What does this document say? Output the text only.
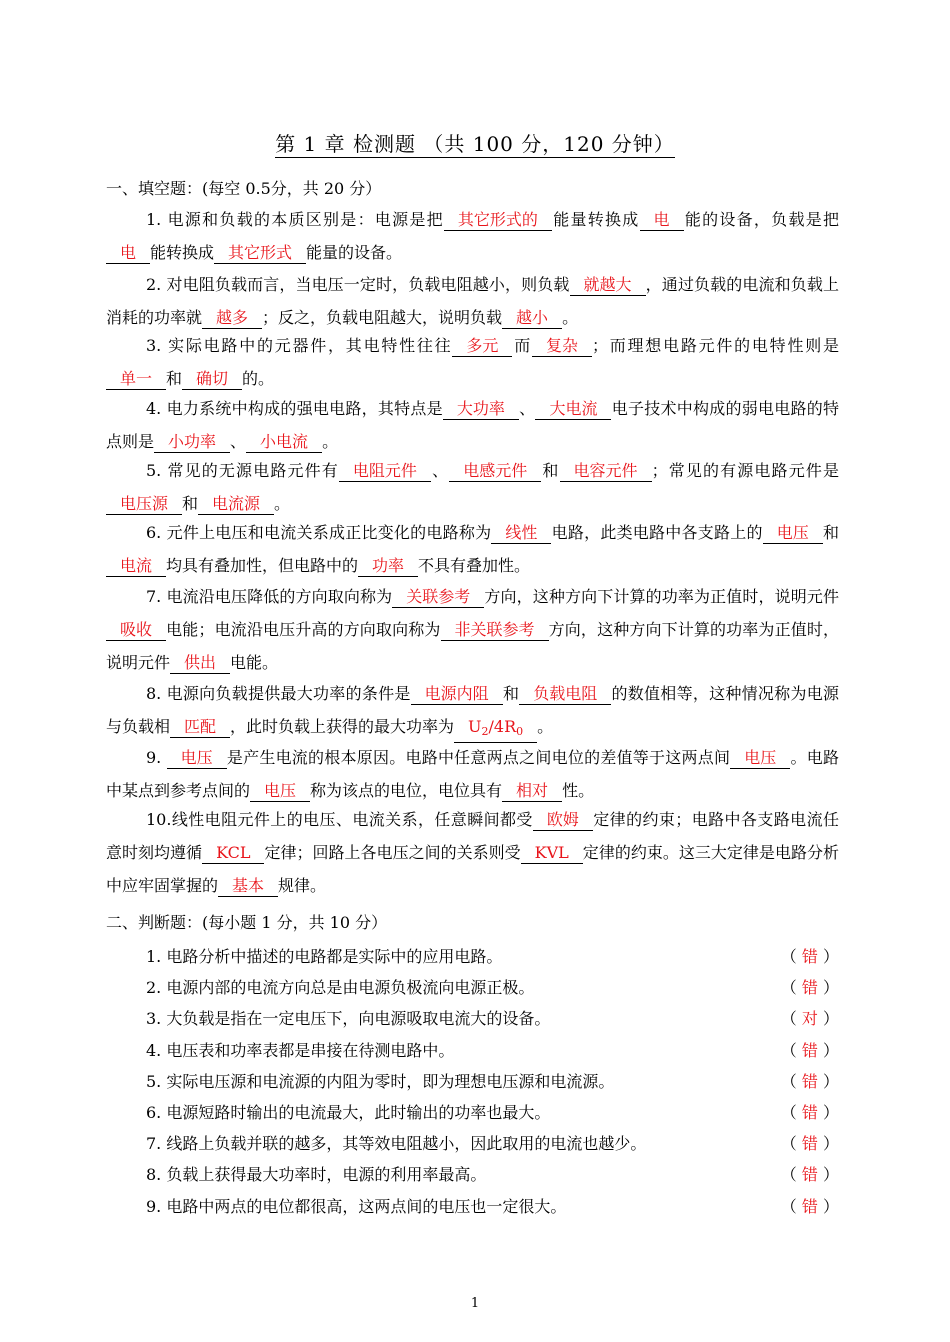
第 1 章 检测题 （共 100 分，120 分钟）
一、填空题：(每空 0.5分，共 20 分）
1. 电源和负载的本质区别是：电源是把 其它形式的 能量转换成 电 能的设备，负载是把电 能转换成 其它形式 能量的设备。
2. 对电阻负载而言，当电压一定时，负载电阻越小，则负载 就越大 ，通过负载的电流和负载上消耗的功率就 越多 ；反之，负载电阻越大，说明负载 越小 。
3. 实际电路中的元器件，其电特性往往 多元 而 复杂 ；而理想电路元件的电特性则是单一 和 确切 的。
4. 电力系统中构成的强电电路，其特点是 大功率 、 大电流 电子技术中构成的弱电电路的特点则是 小功率 、 小电流 。
5. 常见的无源电路元件有 电阻元件 、 电感元件 和 电容元件 ；常见的有源电路元件是电压源 和 电流源 。
6. 元件上电压和电流关系成正比变化的电路称为 线性 电路，此类电路中各支路上的 电压 和电流 均具有叠加性，但电路中的 功率 不具有叠加性。
7. 电流沿电压降低的方向取向称为 关联参考 方向，这种方向下计算的功率为正值时，说明元件吸收 电能；电流沿电压升高的方向取向称为 非关联参考 方向，这种方向下计算的功率为正值时，说明元件 供出 电能。
8. 电源向负载提供最大功率的条件是 电源内阻 和 负载电阻 的数值相等，这种情况称为电源与负载相 匹配 ，此时负载上获得的最大功率为 $U_2/4R_0$ 。
9. 电压 是产生电流的根本原因。电路中任意两点之间电位的差值等于这两点间 电压 。电路中某点到参考点间的 电压 称为该点的电位，电位具有 相对 性。
10.线性电阻元件上的电压、电流关系，任意瞬间都受 欧姆 定律的约束；电路中各支路电流任意时刻均遵循 KCL 定律；回路上各电压之间的关系则受 KVL 定律的约束。这三大定律是电路分析中应牢固掌握的 基本 规律。
二、判断题：(每小题 1 分，共 10 分）
1. 电路分析中描述的电路都是实际中的应用电路。	（ 错 ）
2. 电源内部的电流方向总是由电源负极流向电源正极。	（ 错 ）
3. 大负载是指在一定电压下，向电源吸取电流大的设备。	（ 对 ）
4. 电压表和功率表都是串接在待测电路中。	（ 错 ）
5. 实际电压源和电流源的内阻为零时，即为理想电压源和电流源。	（ 错 ）
6. 电源短路时输出的电流最大，此时输出的功率也最大。	（ 错 ）
7. 线路上负载并联的越多，其等效电阻越小，因此取用的电流也越少。	（ 错 ）
8. 负载上获得最大功率时，电源的利用率最高。	（ 错 ）
9. 电路中两点的电位都很高，这两点间的电压也一定很大。	（ 错 ）
1
